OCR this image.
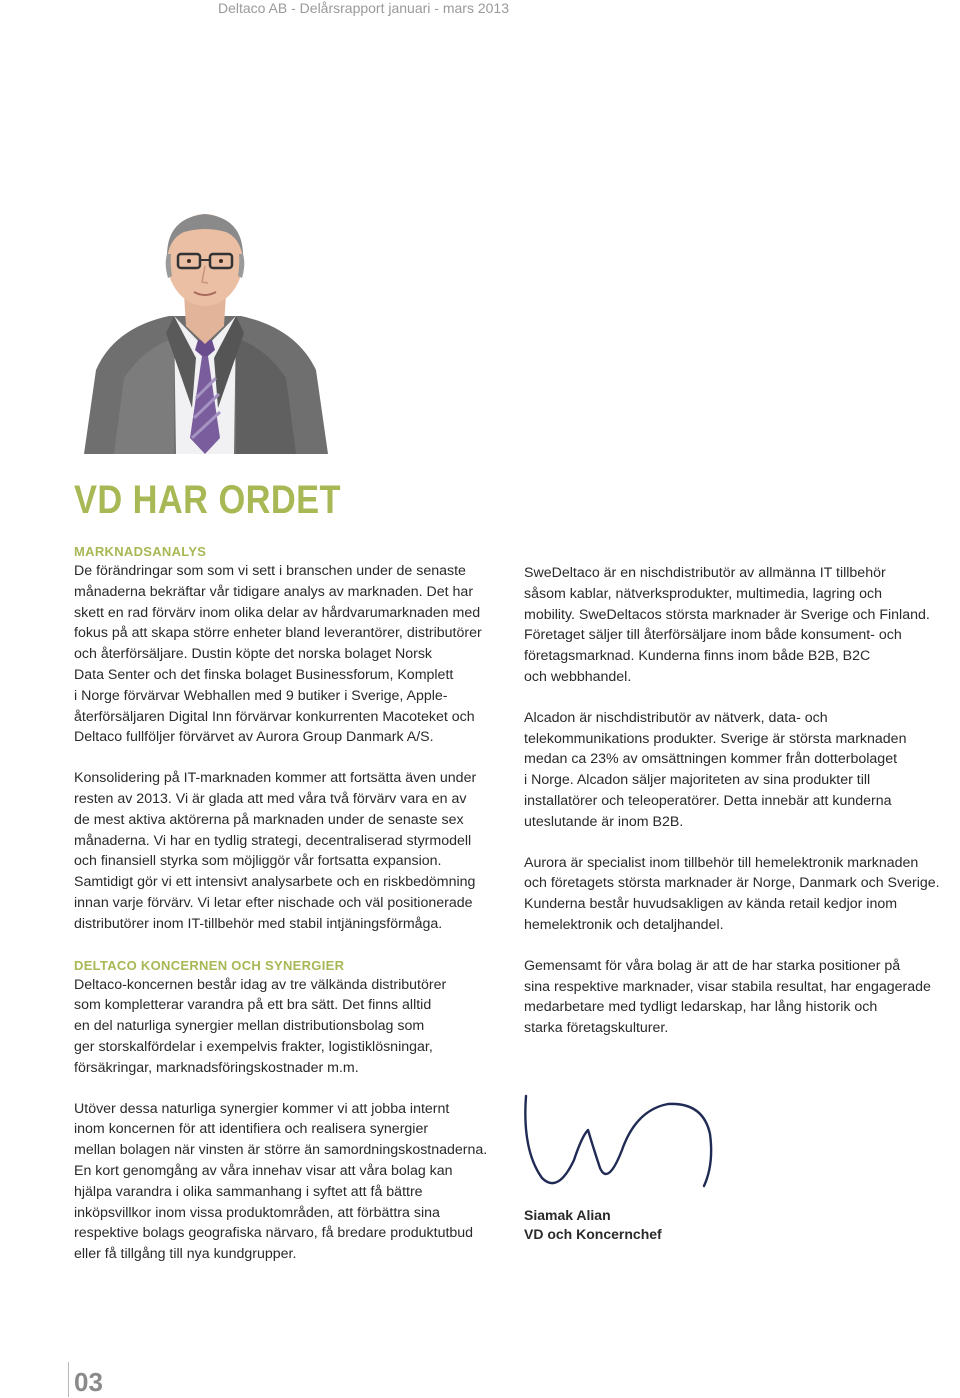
Deltaco AB - Delårsrapport januari - mars 2013
VD HAR ORDET
MARKNADSANALYS

De förändringar som som vi sett i branschen under de senaste
månaderna bekräftar vår tidigare analys av marknaden. Det har
skett en rad förvärv inom olika delar av hårdvarumarknaden med
fokus på att skapa större enheter bland leverantörer, distributörer
och återförsäljare. Dustin köpte det norska bolaget Norsk
Data Senter och det finska bolaget Businessforum, Komplett
i Norge förvärvar Webhallen med 9 butiker i Sverige, Apple-
återförsäljaren Digital Inn förvärvar konkurrenten Macoteket och
Deltaco fullföljer förvärvet av Aurora Group Danmark A/S.

Konsolidering på IT-marknaden kommer att fortsätta även under
resten av 2013. Vi är glada att med våra två förvärv vara en av
de mest aktiva aktörerna på marknaden under de senaste sex
månaderna. Vi har en tydlig strategi, decentraliserad styrmodell
och finansiell styrka som möjliggör vår fortsatta expansion.
Samtidigt gör vi ett intensivt analysarbete och en riskbedömning
innan varje förvärv. Vi letar efter nischade och väl positionerade
distributörer inom IT-tillbehör med stabil intjäningsförmåga.

DELTACO KONCERNEN OCH SYNERGIER

Deltaco-koncernen består idag av tre välkända distributörer
som kompletterar varandra på ett bra sätt. Det finns alltid
en del naturliga synergier mellan distributionsbolag som
ger storskalfördelar i exempelvis frakter, logistiklösningar,
försäkringar, marknadsföringskostnader m.m.

Utöver dessa naturliga synergier kommer vi att jobba internt
inom koncernen för att identifiera och realisera synergier
mellan bolagen när vinsten är större än samordningskostnaderna.
En kort genomgång av våra innehav visar att våra bolag kan
hjälpa varandra i olika sammanhang i syftet att få bättre
inköpsvillkor inom vissa produktområden, att förbättra sina
respektive bolags geografiska närvaro, få bredare produktutbud
eller få tillgång till nya kundgrupper.

SweDeltaco är en nischdistributör av allmänna IT tillbehör
såsom kablar, nätverksprodukter, multimedia, lagring och
mobility. SweDeltacos största marknader är Sverige och Finland.
Företaget säljer till återförsäljare inom både konsument- och
företagsmarknad. Kunderna finns inom både B2B, B2C
och webbhandel.

Alcadon är nischdistributör av nätverk, data- och
telekommunikations produkter. Sverige är största marknaden
medan ca 23% av omsättningen kommer från dotterbolaget
i Norge. Alcadon säljer majoriteten av sina produkter till
installatörer och teleoperatörer. Detta innebär att kunderna
uteslutande är inom B2B.

Aurora är specialist inom tillbehör till hemelektronik marknaden
och företagets största marknader är Norge, Danmark och Sverige.
Kunderna består huvudsakligen av kända retail kedjor inom
hemelektronik och detaljhandel.

Gemensamt för våra bolag är att de har starka positioner på
sina respektive marknader, visar stabila resultat, har engagerade
medarbetare med tydligt ledarskap, har lång historik och
starka företagskulturer.

Siamak Alian
VD och Koncernchef
03
